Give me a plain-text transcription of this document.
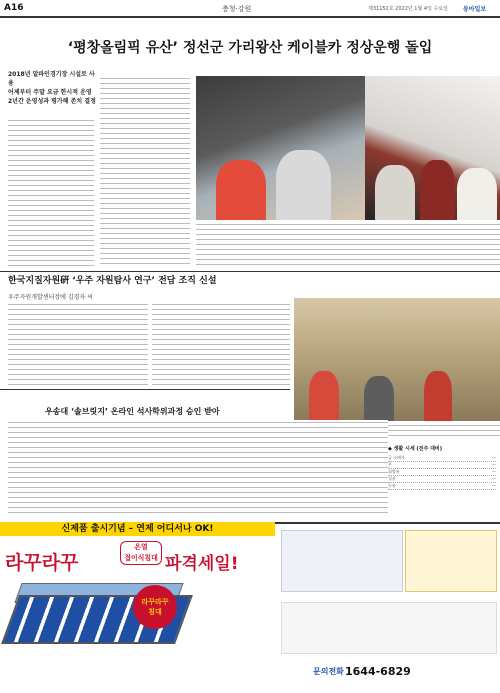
A16	충청·강원	제31152호 2022년 1월 4일 수요일	동아일보
‘평창올림픽 유산’ 정선군 가리왕산 케이블카 정상운행 돌입
2018년 알파인경기장 시설로 사용
어제부터 주말 요금 한시적 운영
2년간 운영성과 평가해 존치 결정
한국지질자원硏 ‘우주 자원탐사 연구’ 전담 조직 신설
우주자원개발센터장에 김경자 씨
우송대 ‘솔브릿지’ 온라인 석사학위과정 승인 받아
◆ 생활 시세 (전주 대비)
금 소매가	—
은	—
휘발유	—
경유	—
등유	—
신제품 출시기념 – 연제 어디서나 OK!
라꾸라꾸
온열
접이식침대 파격세일!
라꾸라꾸
침대
문의전화 1644-6829
